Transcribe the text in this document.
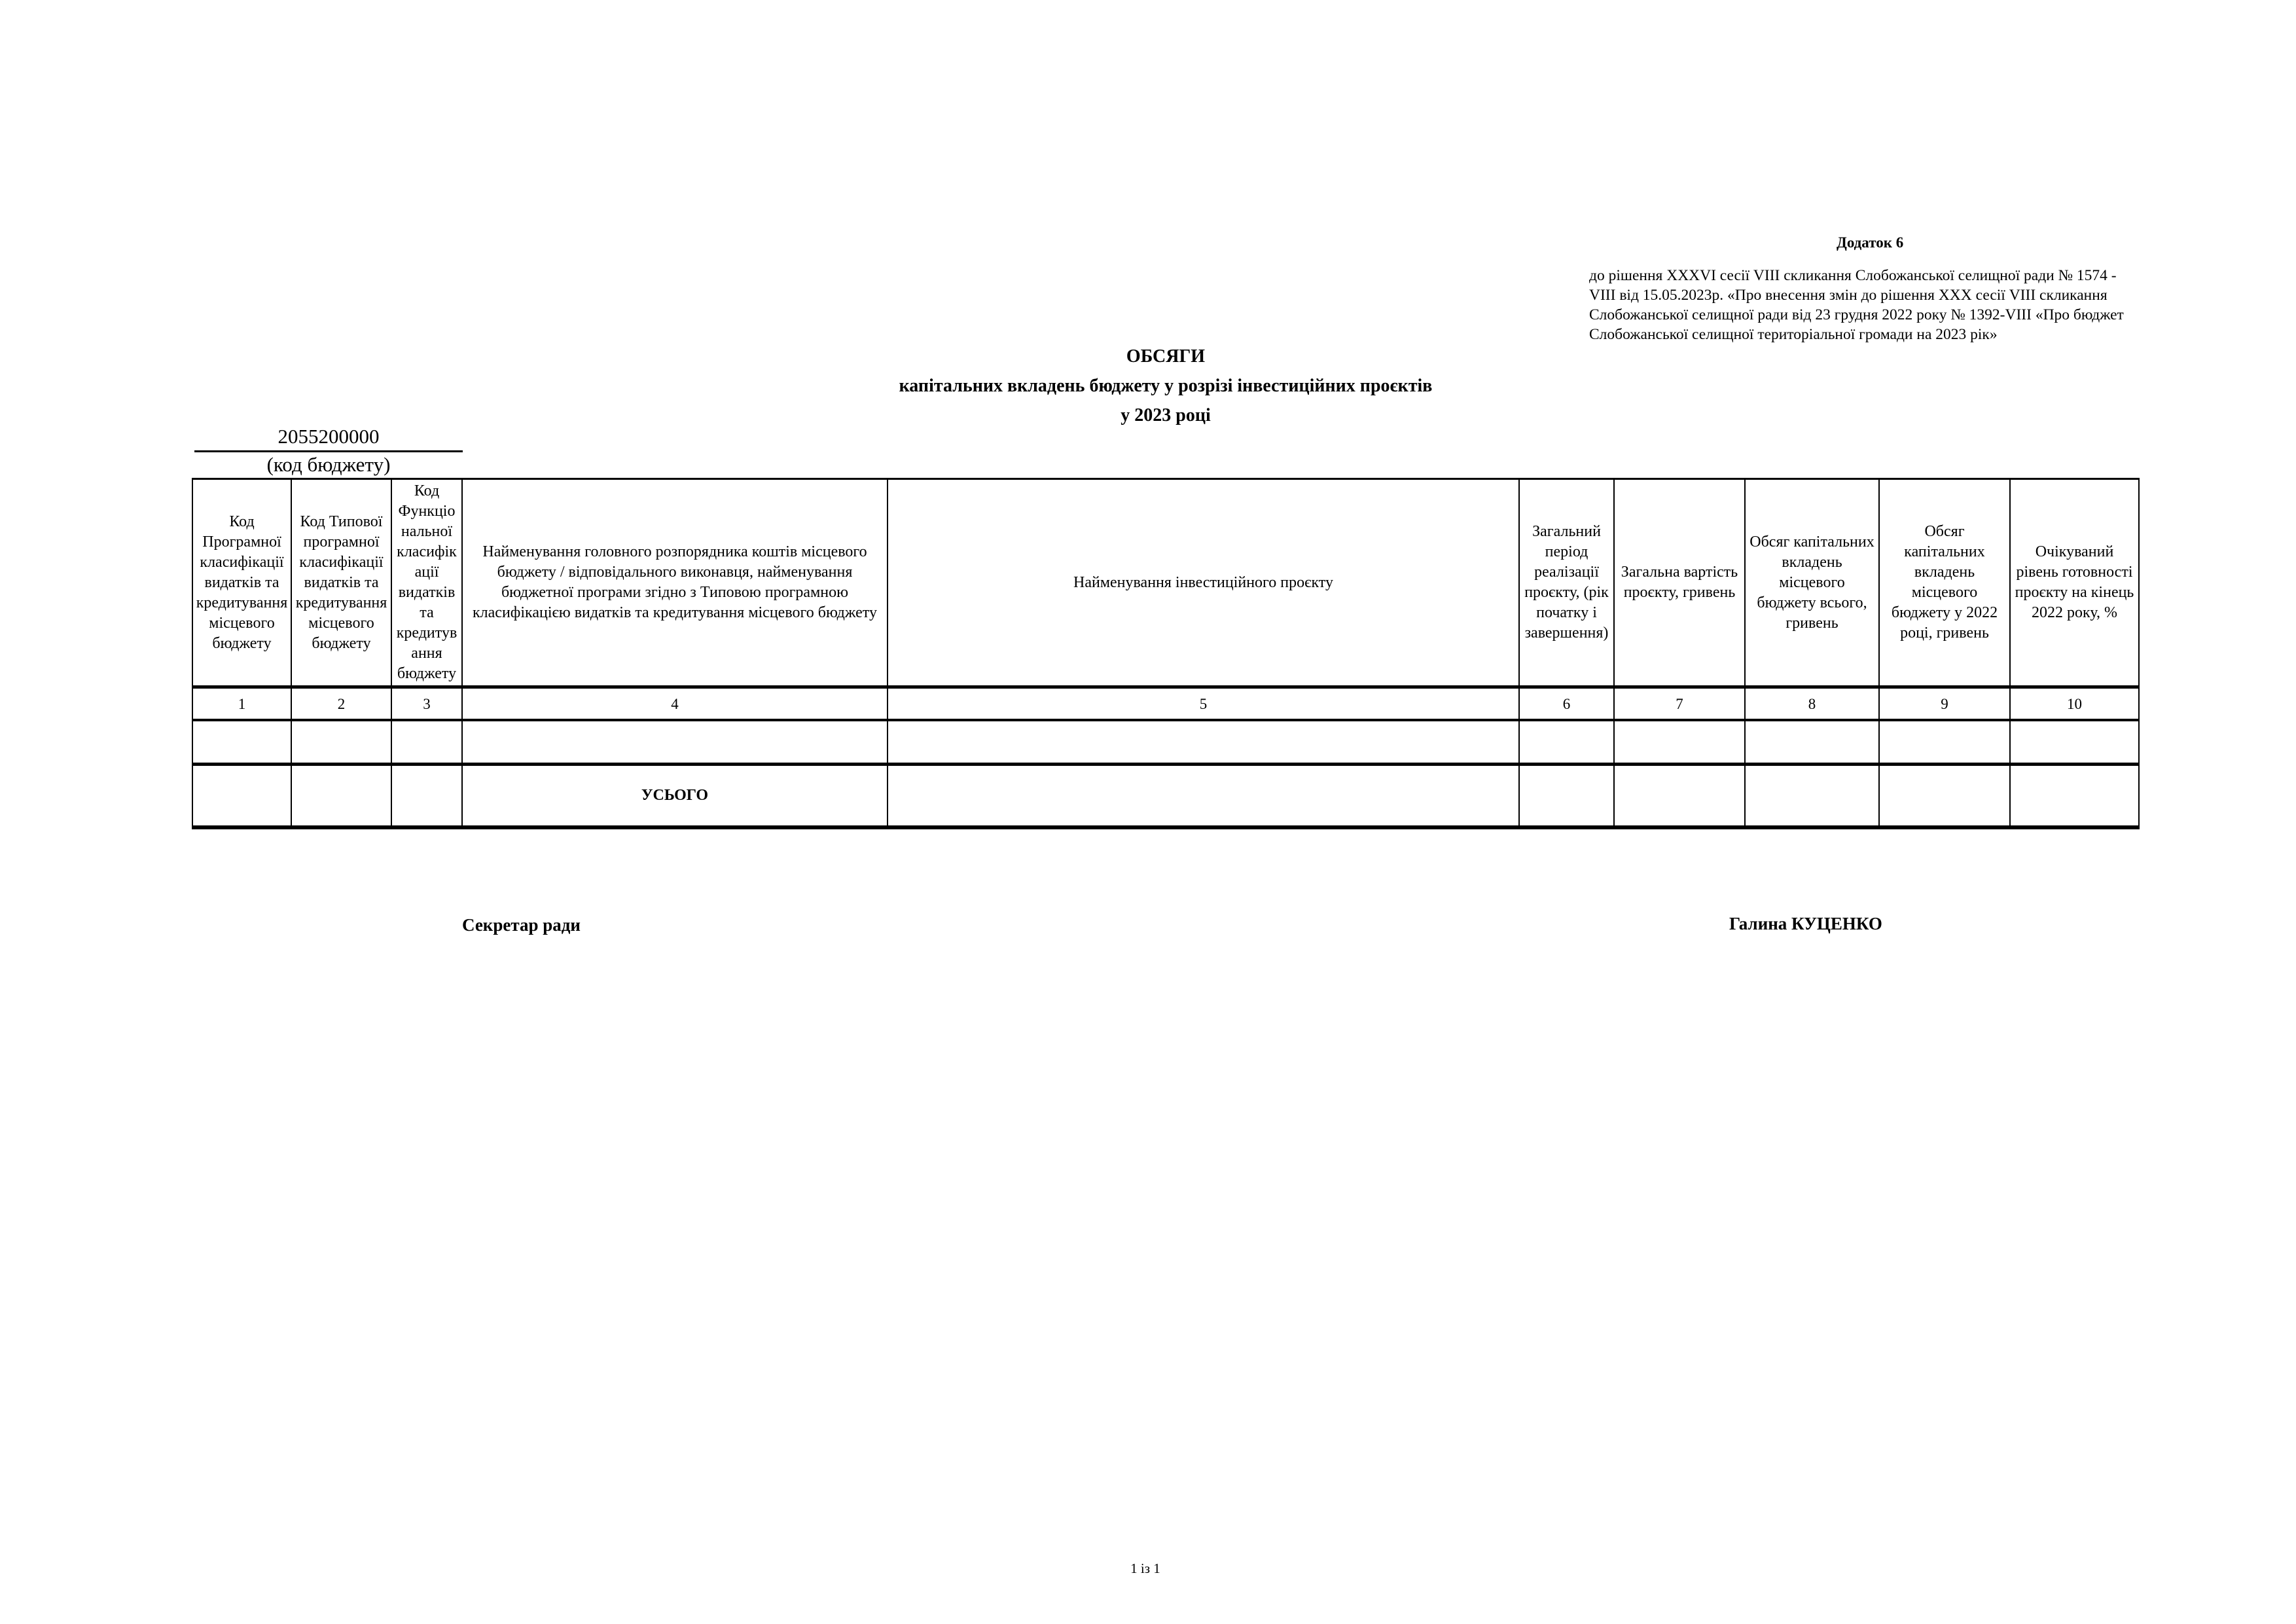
Додаток 6
до рішення XXXVI сесії VIII скликання Слобожанської селищної ради № 1574 -VIII від 15.05.2023р. «Про внесення змін до рішення XXX сесії VIII скликання Слобожанської селищної ради від 23 грудня 2022 року № 1392-VIII «Про бюджет Слобожанської селищної територіальної громади на 2023 рік»
ОБСЯГИ
капітальних вкладень бюджету у розрізі інвестиційних проєктів
у 2023 році
2055200000
(код бюджету)
Код Програмної класифікації видатків та кредитування місцевого бюджету	Код Типової програмної класифікації видатків та кредитування місцевого бюджету	Код Функціональної класифікації видатків та кредитування бюджету	Найменування головного розпорядника коштів місцевого бюджету / відповідального виконавця, найменування бюджетної програми згідно з Типовою програмною класифікацією видатків та кредитування місцевого бюджету	Найменування інвестиційного проєкту	Загальний період реалізації проєкту, (рік початку і завершення)	Загальна вартість проєкту, гривень	Обсяг капітальних вкладень місцевого бюджету всього, гривень	Обсяг капітальних вкладень місцевого бюджету у 2022 році, гривень	Очікуваний рівень готовності проєкту на кінець 2022 року, %
1	2	3	4	5	6	7	8	9	10

			УСЬОГО						
Секретар ради	Галина КУЦЕНКО
1 із 1
